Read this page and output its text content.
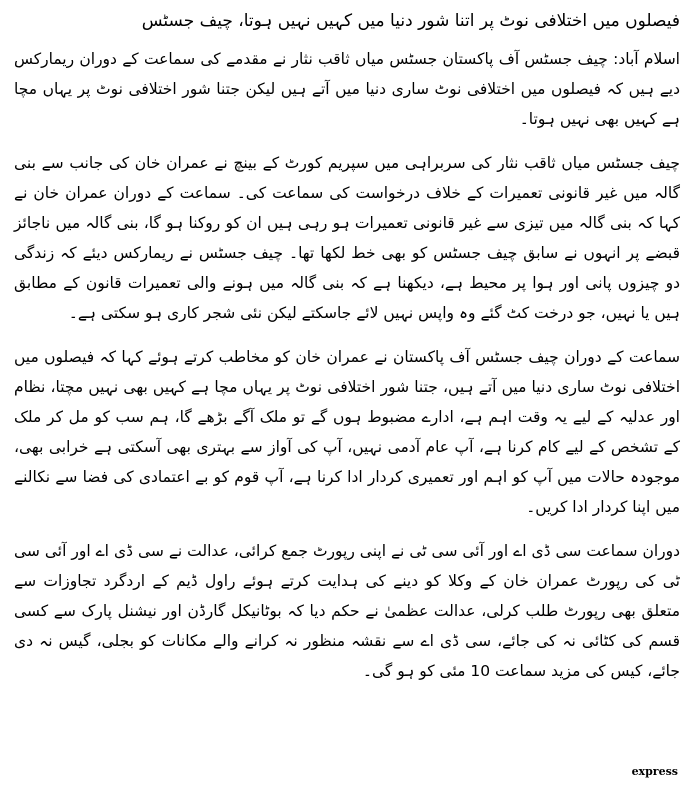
فیصلوں میں اختلافی نوٹ پر اتنا شور دنیا میں کہیں نہیں ہوتا، چیف جسٹس

اسلام آباد: چیف جسٹس آف پاکستان جسٹس میاں ثاقب نثار نے مقدمے کی سماعت کے دوران ریمارکس دیے ہیں کہ فیصلوں میں اختلافی نوٹ ساری دنیا میں آتے ہیں لیکن جتنا شور اختلافی نوٹ پر یہاں مچا ہے کہیں بھی نہیں ہوتا۔

چیف جسٹس میاں ثاقب نثار کی سربراہی میں سپریم کورٹ کے بینچ نے عمران خان کی جانب سے بنی گالہ میں غیر قانونی تعمیرات کے خلاف درخواست کی سماعت کی۔ سماعت کے دوران عمران خان نے کہا کہ بنی گالہ میں تیزی سے غیر قانونی تعمیرات ہو رہی ہیں ان کو روکنا ہو گا، بنی گالہ میں ناجائز قبضے پر انہوں نے سابق چیف جسٹس کو بھی خط لکھا تھا۔ چیف جسٹس نے ریمارکس دیئے کہ زندگی دو چیزوں پانی اور ہوا پر محیط ہے، دیکھنا ہے کہ بنی گالہ میں ہونے والی تعمیرات قانون کے مطابق ہیں یا نہیں، جو درخت کٹ گئے وہ واپس نہیں لائے جاسکتے لیکن نئی شجر کاری ہو سکتی ہے۔

سماعت کے دوران چیف جسٹس آف پاکستان نے عمران خان کو مخاطب کرتے ہوئے کہا کہ فیصلوں میں اختلافی نوٹ ساری دنیا میں آتے ہیں، جتنا شور اختلافی نوٹ پر یہاں مچا ہے کہیں بھی نہیں مچتا، نظام اور عدلیہ کے لیے یہ وقت اہم ہے، ادارے مضبوط ہوں گے تو ملک آگے بڑھے گا، ہم سب کو مل کر ملک کے تشخص کے لیے کام کرنا ہے، آپ عام آدمی نہیں، آپ کی آواز سے بہتری بھی آسکتی ہے خرابی بھی، موجودہ حالات میں آپ کو اہم اور تعمیری کردار ادا کرنا ہے، آپ قوم کو بے اعتمادی کی فضا سے نکالنے میں اپنا کردار ادا کریں۔

دوران سماعت سی ڈی اے اور آئی سی ٹی نے اپنی رپورٹ جمع کرائی، عدالت نے سی ڈی اے اور آئی سی ٹی کی رپورٹ عمران خان کے وکلا کو دینے کی ہدایت کرتے ہوئے راول ڈیم کے اردگرد تجاوزات سے متعلق بھی رپورٹ طلب کرلی، عدالت عظمیٰ نے حکم دیا کہ بوٹانیکل گارڈن اور نیشنل پارک سے کسی قسم کی کٹائی نہ کی جائے، سی ڈی اے سے نقشہ منظور نہ کرانے والے مکانات کو بجلی، گیس نہ دی جائے، کیس کی مزید سماعت 10 مئی کو ہو گی۔

express
